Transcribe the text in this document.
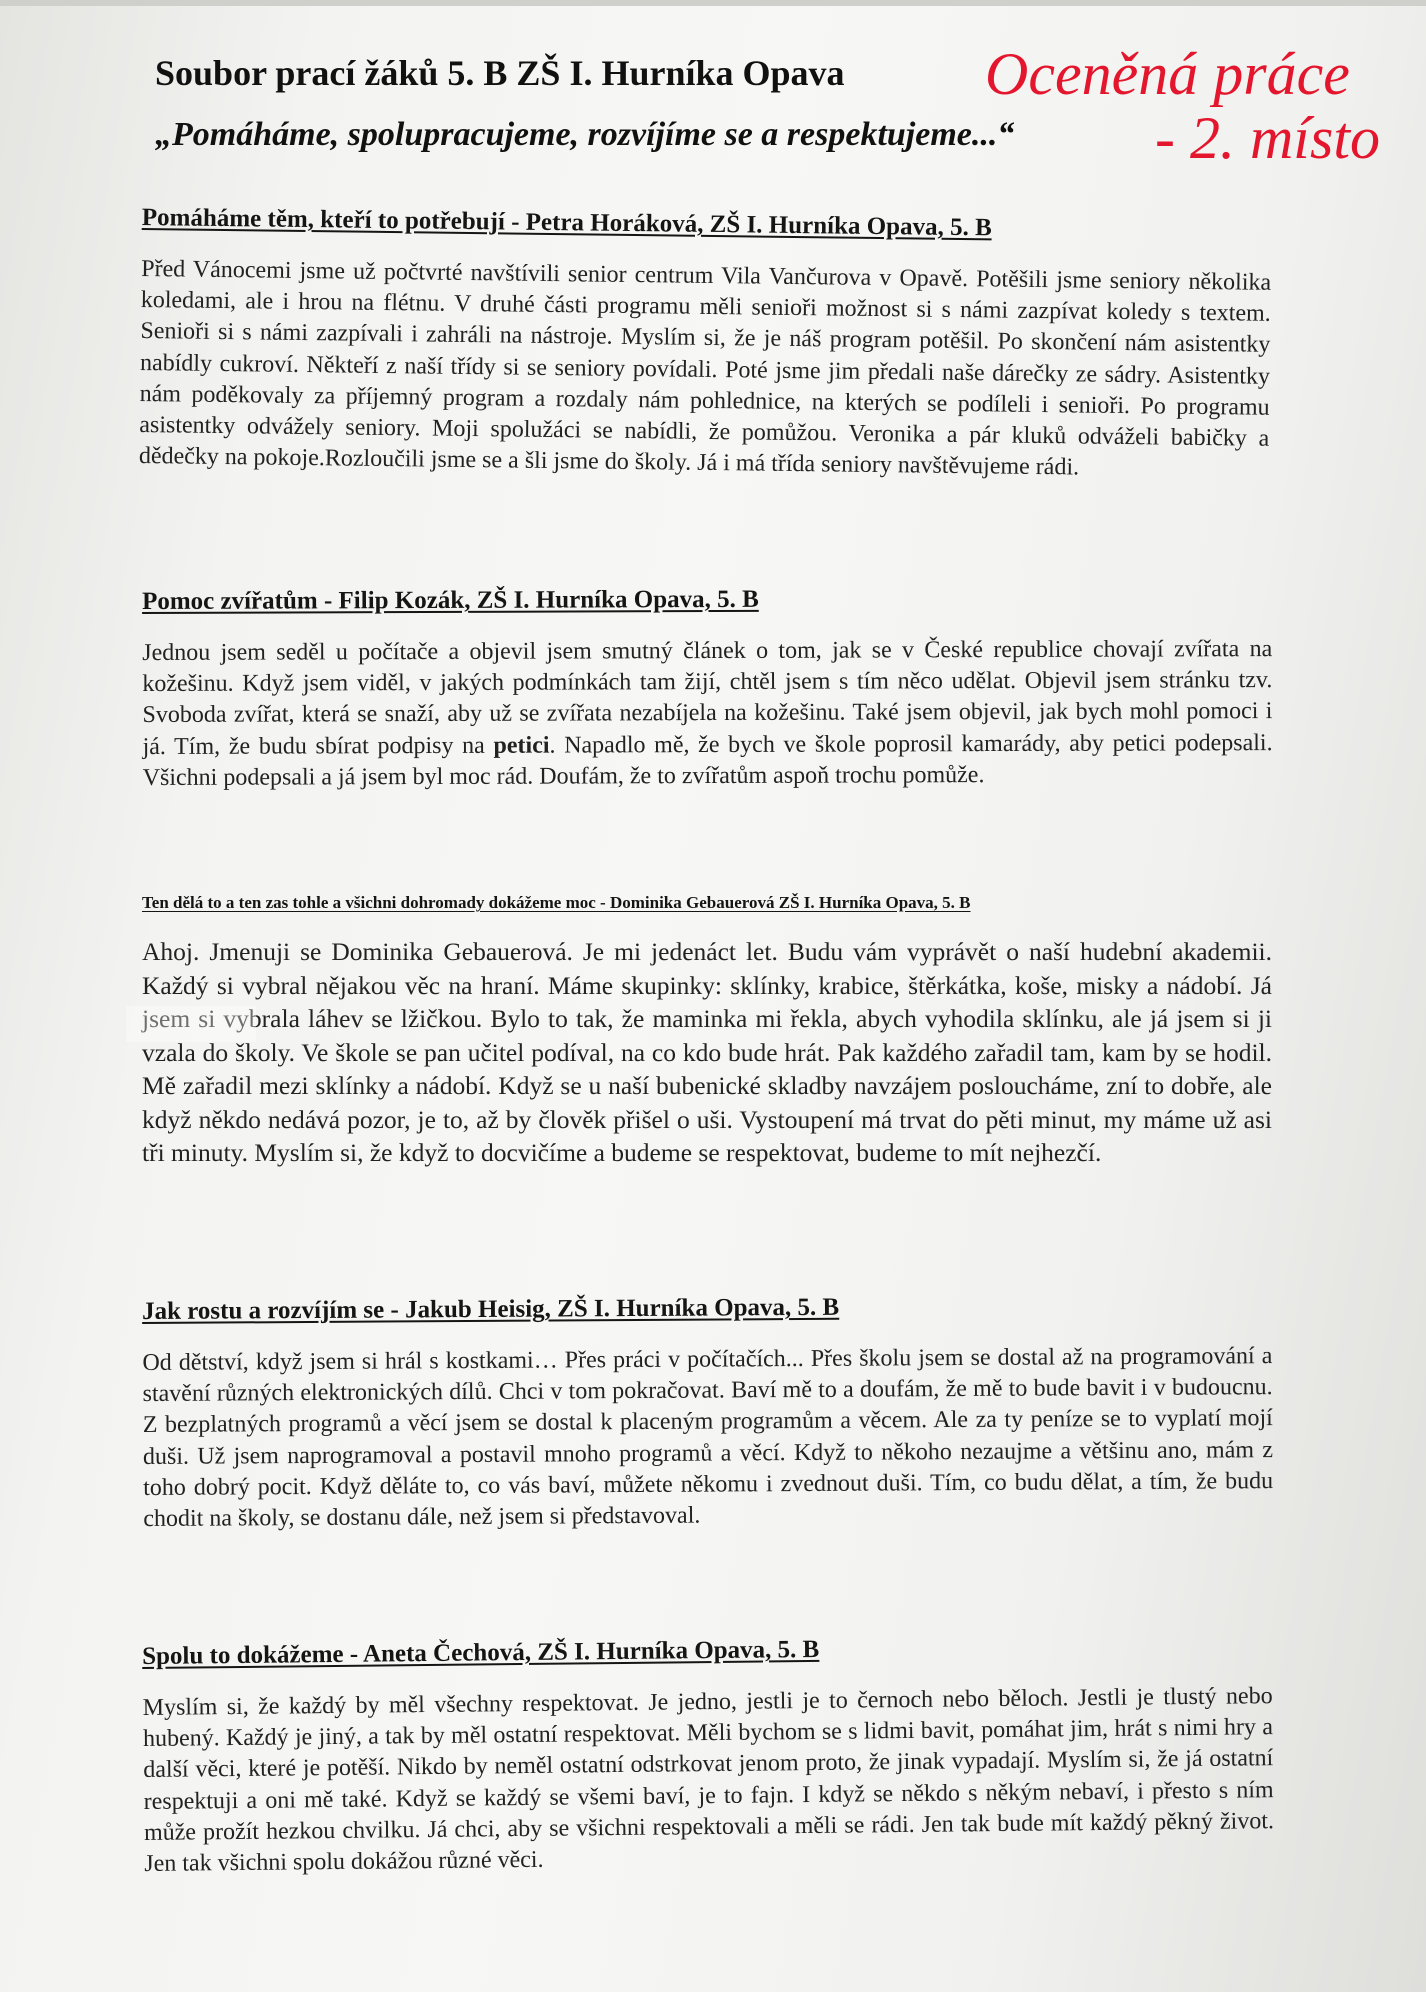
Soubor prací žáků 5. B ZŠ I. Hurníka Opava
„Pomáháme, spolupracujeme, rozvíjíme se a respektujeme...“
Oceněná práce
- 2. místo
Pomáháme těm, kteří to potřebují - Petra Horáková, ZŠ I. Hurníka Opava, 5. B
Před Vánocemi jsme už počtvrté navštívili senior centrum Vila Vančurova v Opavě. Potěšili jsme seniory několika koledami, ale i hrou na flétnu. V druhé části programu měli senioři možnost si s námi zazpívat koledy s textem. Senioři si s námi zazpívali i zahráli na nástroje. Myslím si, že je náš program potěšil. Po skončení nám asistentky nabídly cukroví. Někteří z naší třídy si se seniory povídali. Poté jsme jim předali naše dárečky ze sádry. Asistentky nám poděkovaly za příjemný program a rozdaly nám pohlednice, na kterých se podíleli i senioři. Po programu asistentky odvážely seniory. Moji spolužáci se nabídli, že pomůžou. Veronika a pár kluků odváželi babičky a dědečky na pokoje.Rozloučili jsme se a šli jsme do školy. Já i má třída seniory navštěvujeme rádi.
Pomoc zvířatům - Filip Kozák, ZŠ I. Hurníka Opava, 5. B
Jednou jsem seděl u počítače a objevil jsem smutný článek o tom, jak se v České republice chovají zvířata na kožešinu. Když jsem viděl, v jakých podmínkách tam žijí, chtěl jsem s tím něco udělat. Objevil jsem stránku tzv. Svoboda zvířat, která se snaží, aby už se zvířata nezabíjela na kožešinu. Také jsem objevil, jak bych mohl pomoci i já. Tím, že budu sbírat podpisy na petici. Napadlo mě, že bych ve škole poprosil kamarády, aby petici podepsali. Všichni podepsali a já jsem byl moc rád. Doufám, že to zvířatům aspoň trochu pomůže.
Ten dělá to a ten zas tohle a všichni dohromady dokážeme moc - Dominika Gebauerová ZŠ I. Hurníka Opava, 5. B
Ahoj. Jmenuji se Dominika Gebauerová. Je mi jedenáct let. Budu vám vyprávět o naší hudební akademii. Každý si vybral nějakou věc na hraní. Máme skupinky: sklínky, krabice, štěrkátka, koše, misky a nádobí. Já jsem si vybrala láhev se lžičkou. Bylo to tak, že maminka mi řekla, abych vyhodila sklínku, ale já jsem si ji vzala do školy. Ve škole se pan učitel podíval, na co kdo bude hrát. Pak každého zařadil tam, kam by se hodil. Mě zařadil mezi sklínky a nádobí. Když se u naší bubenické skladby navzájem posloucháme, zní to dobře, ale když někdo nedává pozor, je to, až by člověk přišel o uši. Vystoupení má trvat do pěti minut, my máme už asi tři minuty. Myslím si, že když to docvičíme a budeme se respektovat, budeme to mít nejhezčí.
Jak rostu a rozvíjím se - Jakub Heisig, ZŠ I. Hurníka Opava, 5. B
Od dětství, když jsem si hrál s kostkami… Přes práci v počítačích... Přes školu jsem se dostal až na programování a stavění různých elektronických dílů. Chci v tom pokračovat. Baví mě to a doufám, že mě to bude bavit i v budoucnu. Z bezplatných programů a věcí jsem se dostal k placeným programům a věcem. Ale za ty peníze se to vyplatí mojí duši. Už jsem naprogramoval a postavil mnoho programů a věcí. Když to někoho nezaujme a většinu ano, mám z toho dobrý pocit. Když děláte to, co vás baví, můžete někomu i zvednout duši. Tím, co budu dělat, a tím, že budu chodit na školy, se dostanu dále, než jsem si představoval.
Spolu to dokážeme - Aneta Čechová, ZŠ I. Hurníka Opava, 5. B
Myslím si, že každý by měl všechny respektovat. Je jedno, jestli je to černoch nebo běloch. Jestli je tlustý nebo hubený. Každý je jiný, a tak by měl ostatní respektovat. Měli bychom se s lidmi bavit, pomáhat jim, hrát s nimi hry a další věci, které je potěší. Nikdo by neměl ostatní odstrkovat jenom proto, že jinak vypadají. Myslím si, že já ostatní respektuji a oni mě také. Když se každý se všemi baví, je to fajn. I když se někdo s někým nebaví, i přesto s ním může prožít hezkou chvilku. Já chci, aby se všichni respektovali a měli se rádi. Jen tak bude mít každý pěkný život. Jen tak všichni spolu dokážou různé věci.
